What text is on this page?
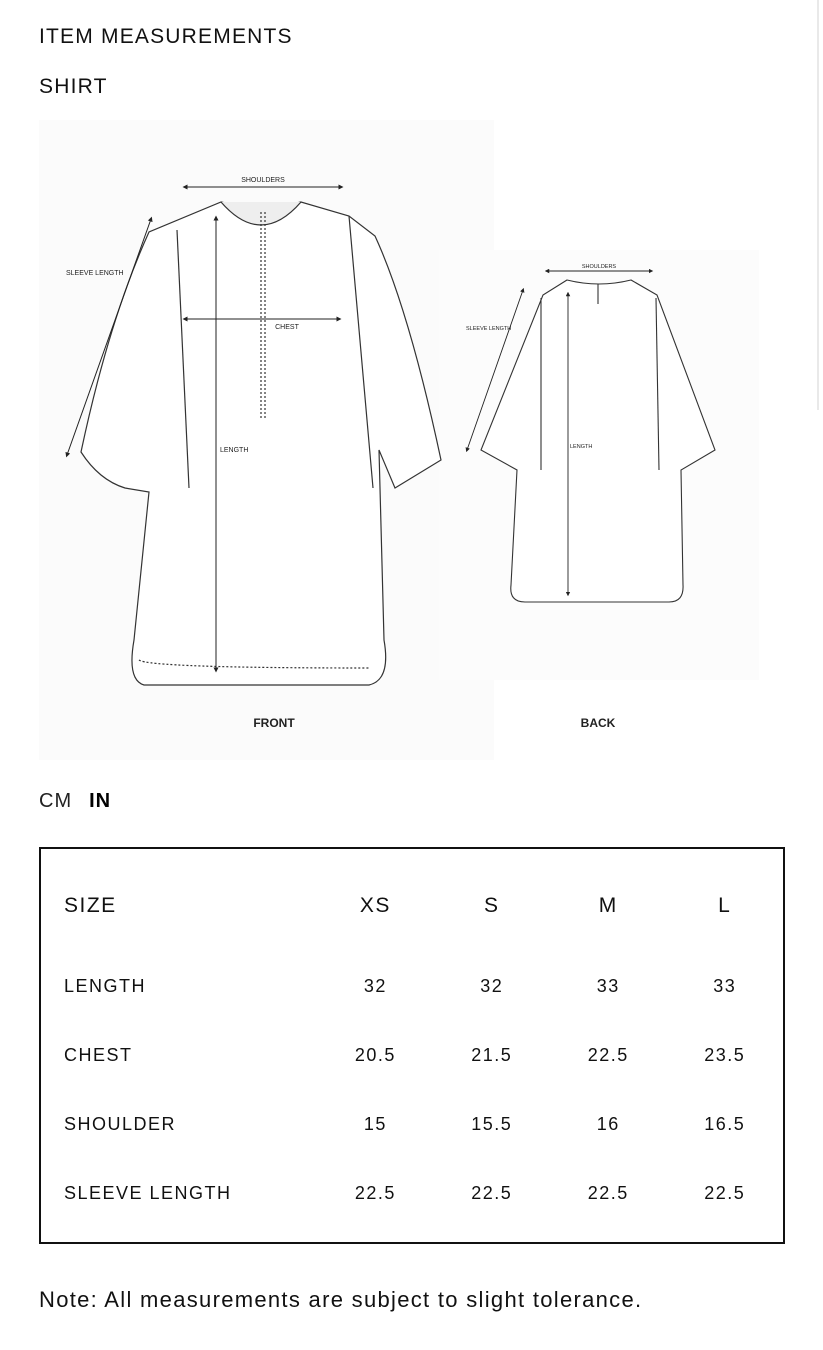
ITEM MEASUREMENTS
SHIRT
SHOULDERS
SLEEVE LENGTH
CHEST
LENGTH
FRONT
SHOULDERS
SLEEVE LENGTH
LENGTH
BACK
CM IN
SIZE	XS	S	M	L
LENGTH	32	32	33	33
CHEST	20.5	21.5	22.5	23.5
SHOULDER	15	15.5	16	16.5
SLEEVE LENGTH	22.5	22.5	22.5	22.5
Note: All measurements are subject to slight tolerance.
